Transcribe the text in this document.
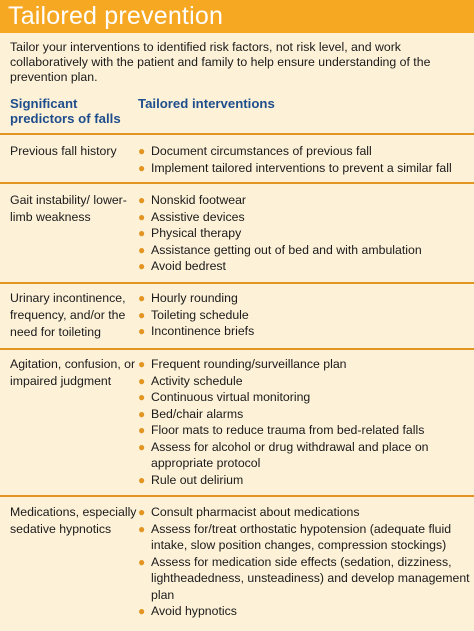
Tailored prevention
Tailor your interventions to identified risk factors, not risk level, and work collaboratively with the patient and family to help ensure understanding of the prevention plan.
Significant predictors of falls
Tailored interventions
Previous fall history	● Document circumstances of previous fall
● Implement tailored interventions to prevent a similar fall
Gait instability/ lower-limb weakness
● Nonskid footwear
● Assistive devices
● Physical therapy
● Assistance getting out of bed and with ambulation
● Avoid bedrest
Urinary incontinence, frequency, and/or the need for toileting
● Hourly rounding
● Toileting schedule
● Incontinence briefs
Agitation, confusion, or impaired judgment
● Frequent rounding/surveillance plan
● Activity schedule
● Continuous virtual monitoring
● Bed/chair alarms
● Floor mats to reduce trauma from bed-related falls
● Assess for alcohol or drug withdrawal and place on appropriate protocol
● Rule out delirium
Medications, especially sedative hypnotics
● Consult pharmacist about medications
● Assess for/treat orthostatic hypotension (adequate fluid intake, slow position changes, compression stockings)
● Assess for medication side effects (sedation, dizziness, lightheadedness, unsteadiness) and develop management plan
● Avoid hypnotics
